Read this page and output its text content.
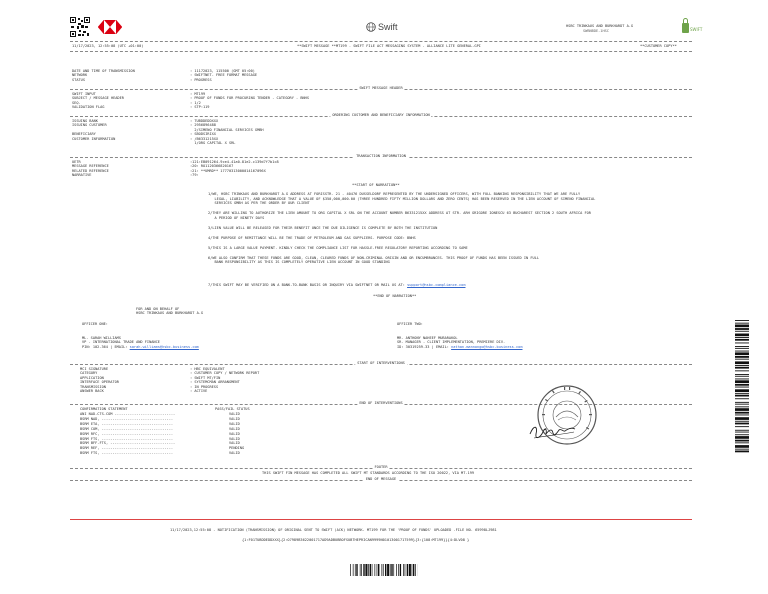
Swift	HSBC TRINKAUS AND BURKHARDT A.G
SWBNBDE-1HSC	SWIFT
11/17/2023, 12:55:08 (UTC +01:00)	**SWIFT MESSAGE **MT199 - SWIFT FILE ACT MESSAGING SYSTEM - ALLIANCE LITE GENERAL-GPI	**CUSTOMER COPY**
DATE AND TIME OF TRANSMISSION	: 11172023, 115500 (GMT 05:00)
NETWORK	: SWIFTNET- FREE FORMAT MESSAGE
STATUS	: PROGRESS
SWIFT MESSAGE HEADER
SWIFT INPUT	: MT199
SUBJECT / MESSAGE HEADER	: PROOF OF FUNDS FOR PROCURING TENDER - CATEGORY - BNHS
SEQ.	: 1/2
VALIDATION FLAG	: STP:119
ORDERING CUSTOMER AND BENEFICIARY INFORMATION
ISSUING BANK	: TUBDDEDDXXX
ISSUING CUSTOMER	: 2956896488
2/SIMENO FINANCIAL SERVICES GMBH
BENEFICIARY	: SBODSIRIXX
CUSTOMER INFORMATION	: /B6331215XX
1/ORG CAPITAL X SRL
TRANSACTION INFORMATION
UETR	:121:EB091264-9ce4-41a0-81e2-c139d7f7b1c8
MESSAGE REFERENCE	:20: RO1120366820167
RELATED REFERENCE	:21: **UMRD** 17770313000014167096X
NARRATIVE	:79:
**START OF NARRATION**
1/WE, HSBC TRINKAUS AND BURKHARDT A.G ADDRESS AT FORISSTR. 21 - 40476 DUSSELDORF REPRESENTED BY THE UNDERSIGNED OFFICERS, WITH FULL BANKING RESPONSIBILITY THAT WE ARE FULLY
LEGAL, LIABILITY, AND ACKNOWLEDGE THAT A VALUE OF $350,000,000.00 (THREE HUNDRED FIFTY MILLION DOLLARS AND ZERO CENTS) HAS BEEN RESERVED IN THE LIEN ACCOUNT OF SIMENO FINANCIAL
SERVICES GMBH AS PER THE ORDER BY OUR CLIENT
2/THEY ARE WILLING TO AUTHORIZE THE LIEN AMOUNT TO ORG CAPITAL X SRL ON THE ACCOUNT NUMBER B6331215XX ADDRESS AT STR. ARH GRIGORE IONESCU 63 BUCHAREST SECTION 2 SOUTH AFRICA FOR
A PERIOD OF NINETY DAYS
3/LIEN VALUE WILL BE RELEASED FOR THEIR BENEFIT ONCE THE DUE DILIGENCE IS COMPLETE BY BOTH THE INSTITUTION
4/THE PURPOSE OF REMITTANCE WILL BE THE TRADE OF PETROLEUM AND GAS SUPPLIERS. PURPOSE CODE: BNHS
5/THIS IS A LARGE VALUE PAYMENT. KINDLY CHECK THE COMPLIANCE LIST FOR HASSLE-FREE REGULATORY REPORTING ACCORDING TO SAME
6/WE ALSO CONFIRM THAT THESE FUNDS ARE GOOD, CLEAN, CLEARED FUNDS OF NON-CRIMINAL ORIGIN AND OR ENCUMBRANCES. THIS PROOF OF FUNDS HAS BEEN ISSUED IN FULL
BANK RESPONSIBILITY AS THIS IS COMPLETELY OPERATIVE LIEN ACCOUNT IN GOOD STANDING
7/THIS SWIFT MAY BE VERIFIED ON A BANK-TO-BANK BASIS OR INQUIRY VIA SWIFTNET OR MAIL US AT: support@hsbc-compliance.com
**END OF NARRATION**
FOR AND ON BEHALF OF
HSBC TRINKAUS AND BURKHARDT A.G
OFFICER ONE:	OFFICER TWO:
ML. SARAH WILLIAMS
VP - INTERNATIONAL TRADE AND FINANCE
PIN: 102-364 | EMAIL: sarah.williams@hsbc-business.com
MR. ANTHONY NAHEEF MUBARAKOL
SR. MANAGER - CLIENT IMPLEMENTATION, PREMIERE DIV.
ID: 30319259-33 | EMAIL: nathan.mannongo@hsbc-business.com
START OF INTERVENTIONS
MCI SIGNATURE	: HBC EQUIVALENT
CATEGORY	: CUSTOMER COPY / NETWORK REPORT
APPLICATION	: SWIFT MT/FIN
INTERFACE OPERATOR	: SYSTEMCMAN ARRANGMENT
TRANSMISSION	: IN PROGRESS
ANSWER BACK	: ACTIVE
END OF INTERVENTIONS
CONFIRMATION STATEMENT	PASS/FAIL STATUS
ANI NAD-CTS-COM ----------------------------	VALID
BSRM NAD, ---------------------------------	VALID
BSRM ETA, ---------------------------------	VALID
BSRM COM, ---------------------------------	VALID
BSRM RFC, ---------------------------------	VALID
BSRM FTS, ---------------------------------	VALID
BSRM BFF-FTS, ------------------------------	VALID
BSRM REF, ---------------------------------	PENDING
BSRM FTS, ---------------------------------	VALID
FOOTER
THIS SWIFT FIN MESSAGE HAS COMPLETED ALL SWIFT MT STANDARDS ACCORDING TO THE ISO 20022, VIA MT-199
END OF MESSAGE
11/17/2023,12:55:08 - NOTIFICATION (TRANSMISSION) OF ORIGINAL SENT TO SWIFT (ACK) NETWORK- MT199 FOR THE 'PROOF OF FUNDS' UPLOADED -FILE NO. 65998LJ981
{1:F01TUBDDEDDXXX}{2:O7989B3622001717AD9ADBUBBOFSUBTHEPRICAN9999N01013001717599}{3:{108:MT199}}{4:DLV08 }
